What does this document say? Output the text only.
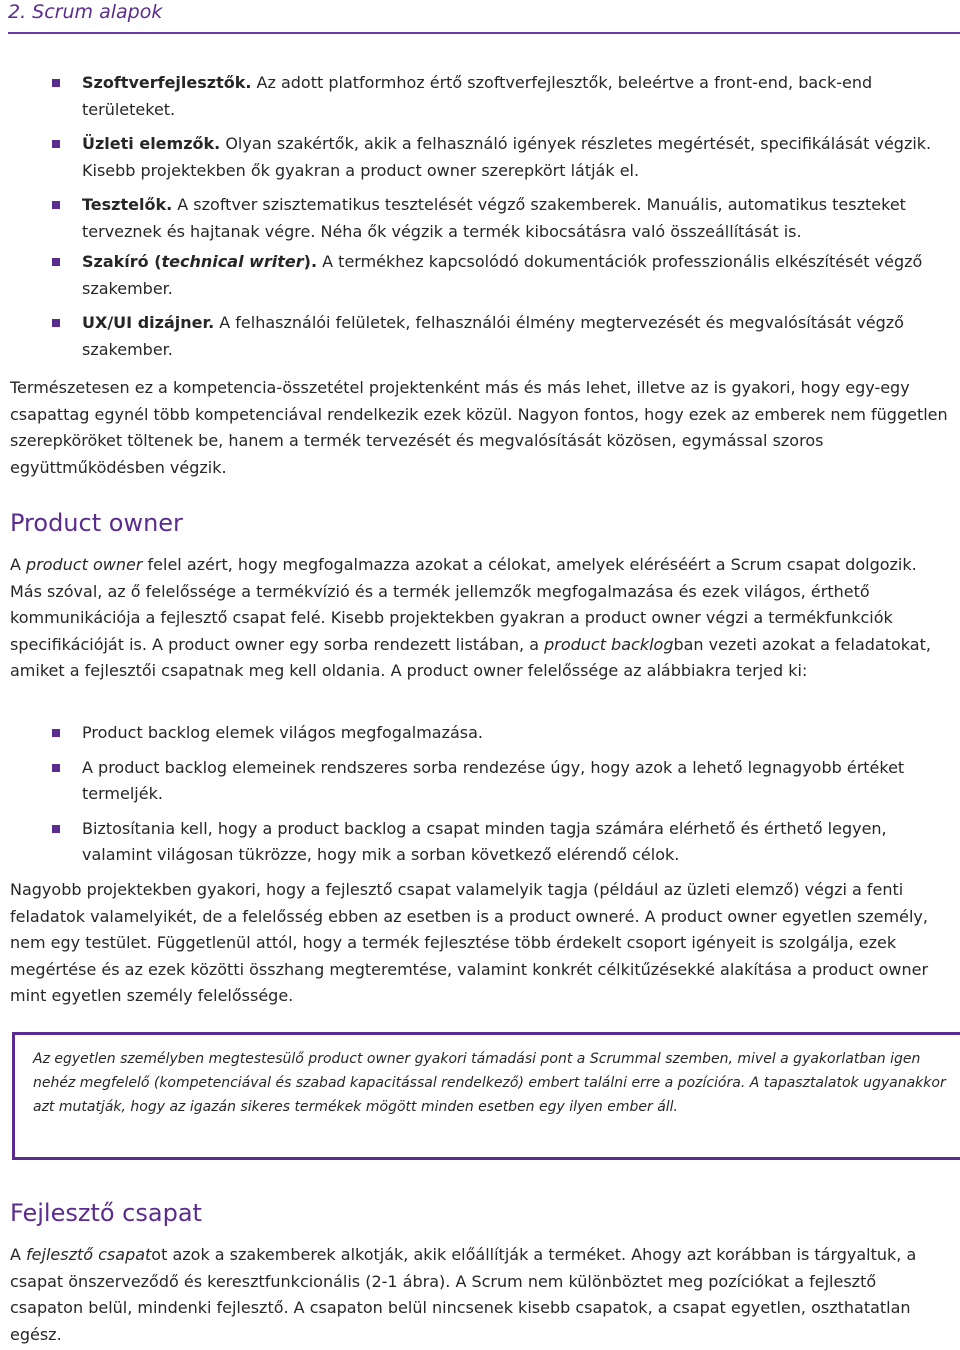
2. Scrum alapok
Szoftverfejlesztők. Az adott platformhoz értő szoftverfejlesztők, beleértve a front-end, back-end területeket.
Üzleti elemzők. Olyan szakértők, akik a felhasználó igények részletes megértését, specifikálását végzik. Kisebb projektekben ők gyakran a product owner szerepkört látják el.
Tesztelők. A szoftver szisztematikus tesztelését végző szakemberek. Manuális, automatikus teszteket terveznek és hajtanak végre. Néha ők végzik a termék kibocsátásra való összeállítását is.
Szakíró (technical writer). A termékhez kapcsolódó dokumentációk professzionális elkészítését végző szakember.
UX/UI dizájner. A felhasználói felületek, felhasználói élmény megtervezését és megvalósítását végző szakember.

Természetesen ez a kompetencia-összetétel projektenként más és más lehet, illetve az is gyakori, hogy egy-egy csapattag egynél több kompetenciával rendelkezik ezek közül. Nagyon fontos, hogy ezek az emberek nem független szerepköröket töltenek be, hanem a termék tervezését és megvalósítását közösen, egymással szoros együttműködésben végzik.

Product owner

A product owner felel azért, hogy megfogalmazza azokat a célokat, amelyek eléréséért a Scrum csapat dolgozik. Más szóval, az ő felelőssége a termékvízió és a termék jellemzők megfogalmazása és ezek világos, érthető kommunikációja a fejlesztő csapat felé. Kisebb projektekben gyakran a product owner végzi a termékfunkciók specifikációját is. A product owner egy sorba rendezett listában, a product backlogban vezeti azokat a feladatokat, amiket a fejlesztői csapatnak meg kell oldania. A product owner felelőssége az alábbiakra terjed ki:

Product backlog elemek világos megfogalmazása.
A product backlog elemeinek rendszeres sorba rendezése úgy, hogy azok a lehető legnagyobb értéket termeljék.
Biztosítania kell, hogy a product backlog a csapat minden tagja számára elérhető és érthető legyen, valamint világosan tükrözze, hogy mik a sorban következő elérendő célok.

Nagyobb projektekben gyakori, hogy a fejlesztő csapat valamelyik tagja (például az üzleti elemző) végzi a fenti feladatok valamelyikét, de a felelősség ebben az esetben is a product owneré. A product owner egyetlen személy, nem egy testület. Függetlenül attól, hogy a termék fejlesztése több érdekelt csoport igényeit is szolgálja, ezek megértése és az ezek közötti összhang megteremtése, valamint konkrét célkitűzésekké alakítása a product owner mint egyetlen személy felelőssége.

Az egyetlen személyben megtestesülő product owner gyakori támadási pont a Scrummal szemben, mivel a gyakorlatban igen nehéz megfelelő (kompetenciával és szabad kapacitással rendelkező) embert találni erre a pozícióra. A tapasztalatok ugyanakkor azt mutatják, hogy az igazán sikeres termékek mögött minden esetben egy ilyen ember áll.
Fejlesztő csapat

A fejlesztő csapatot azok a szakemberek alkotják, akik előállítják a terméket. Ahogy azt korábban is tárgyaltuk, a csapat önszerveződő és keresztfunkcionális (2-1 ábra). A Scrum nem különböztet meg pozíciókat a fejlesztő csapaton belül, mindenki fejlesztő. A csapaton belül nincsenek kisebb csapatok, a csapat egyetlen, oszthatatlan egész.
